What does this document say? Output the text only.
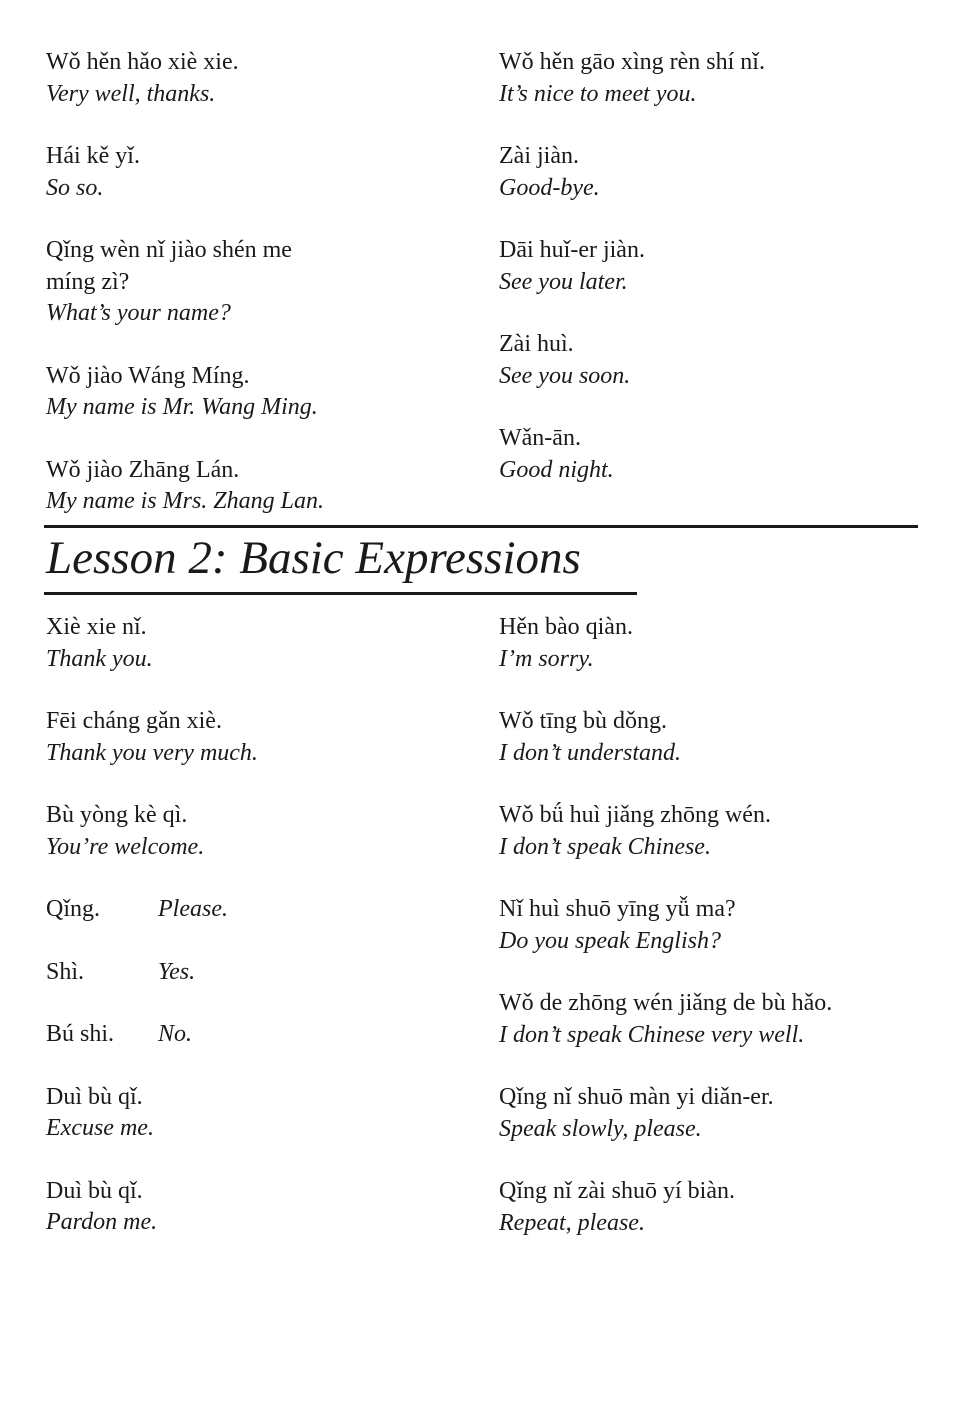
Wǒ hěn hǎo xiè xie.
Very well, thanks.
Hái kě yǐ.
So so.
Qǐng wèn nǐ jiào shén me
míng zì?
What’s your name?
Wǒ jiào Wáng Míng.
My name is Mr. Wang Ming.
Wǒ jiào Zhāng Lán.
My name is Mrs. Zhang Lan.
Wǒ hěn gāo xìng rèn shí nǐ.
It’s nice to meet you.
Zài jiàn.
Good-bye.
Dāi huǐ-er jiàn.
See you later.
Zài huì.
See you soon.
Wǎn-ān.
Good night.
Lesson 2: Basic Expressions
Xiè xie nǐ.
Thank you.
Fēi cháng gǎn xiè.
Thank you very much.
Bù yòng kè qì.
You’re welcome.
Qǐng.	Please.
Shì.	Yes.
Bú shi.	No.
Duì bù qǐ.
Excuse me.
Duì bù qǐ.
Pardon me.
Hěn bào qiàn.
I’m sorry.
Wǒ tīng bù dǒng.
I don’t understand.
Wǒ bǘ huì jiǎng zhōng wén.
I don’t speak Chinese.
Nǐ huì shuō yīng yǚ ma?
Do you speak English?
Wǒ de zhōng wén jiǎng de bù hǎo.
I don’t speak Chinese very well.
Qǐng nǐ shuō màn yi diǎn-er.
Speak slowly, please.
Qǐng nǐ zài shuō yí biàn.
Repeat, please.
